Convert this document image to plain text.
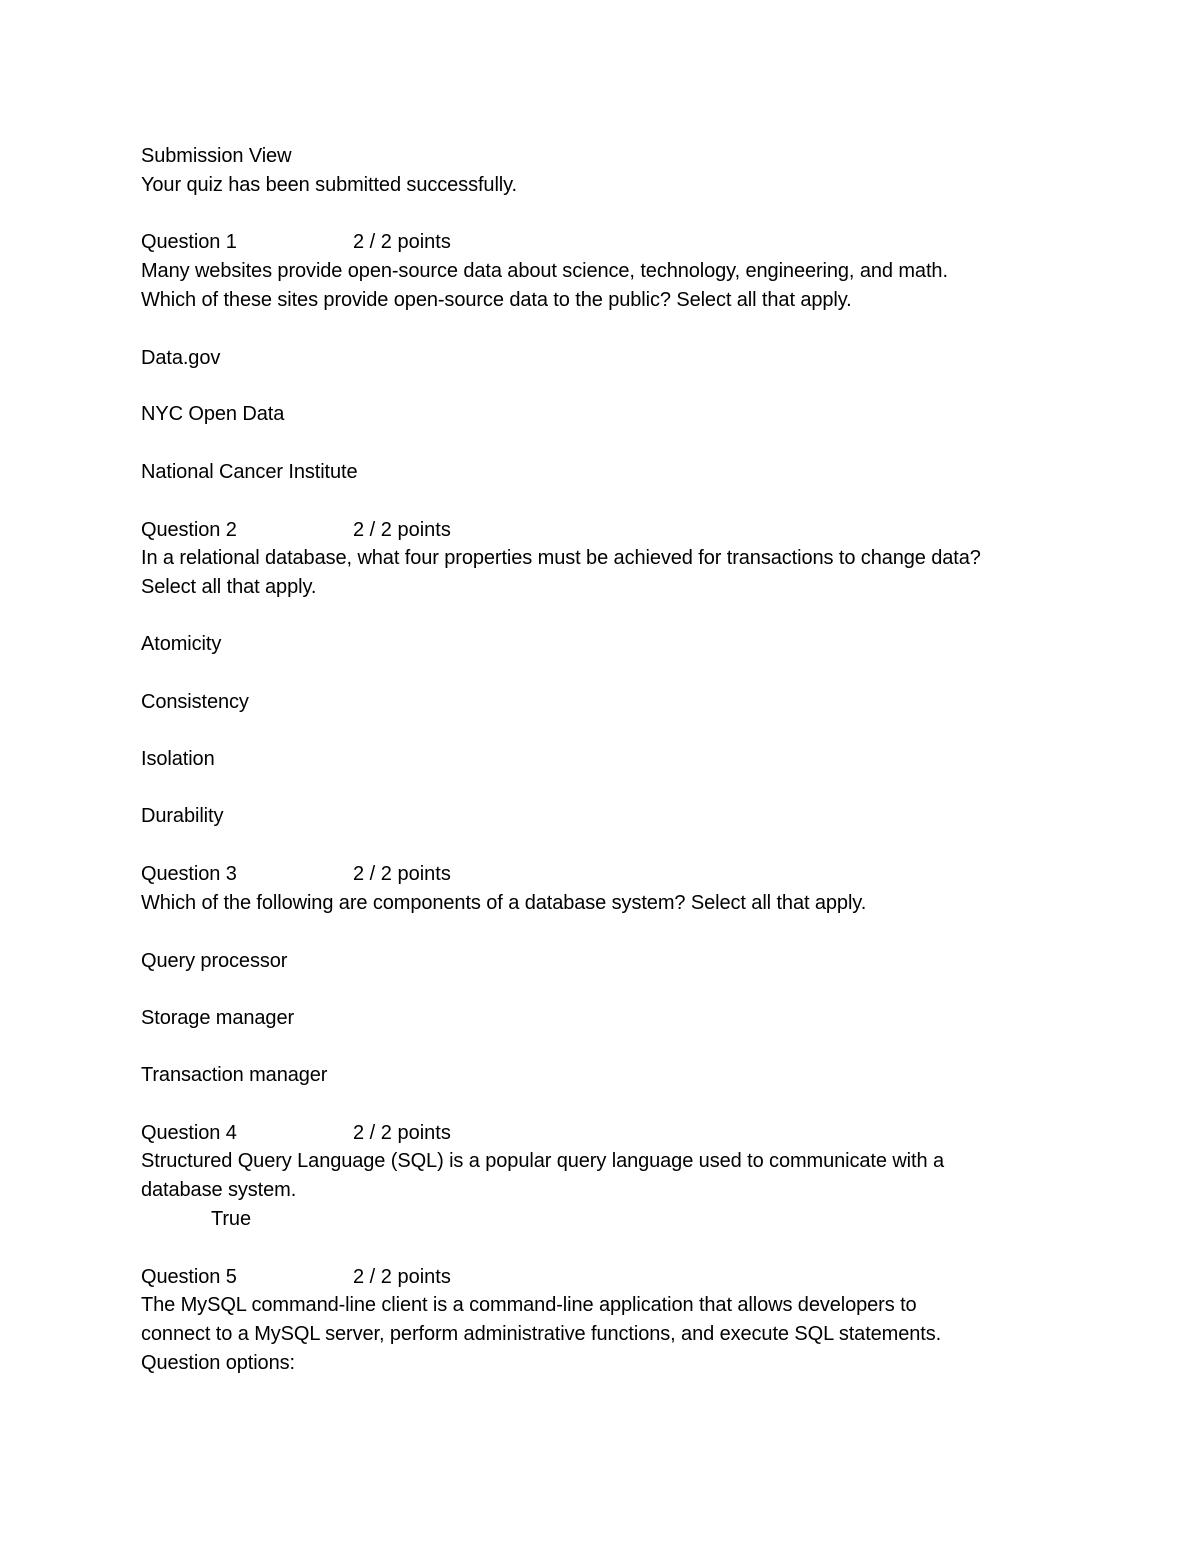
Submission View
Your quiz has been submitted successfully.
Question 1	2 / 2 points
Many websites provide open-source data about science, technology, engineering, and math.
Which of these sites provide open-source data to the public? Select all that apply.
Data.gov
NYC Open Data
National Cancer Institute
Question 2	2 / 2 points
In a relational database, what four properties must be achieved for transactions to change data?
Select all that apply.
Atomicity
Consistency
Isolation
Durability
Question 3	2 / 2 points
Which of the following are components of a database system? Select all that apply.
Query processor
Storage manager
Transaction manager
Question 4	2 / 2 points
Structured Query Language (SQL) is a popular query language used to communicate with a
database system.
True
Question 5	2 / 2 points
The MySQL command-line client is a command-line application that allows developers to
connect to a MySQL server, perform administrative functions, and execute SQL statements.
Question options:
